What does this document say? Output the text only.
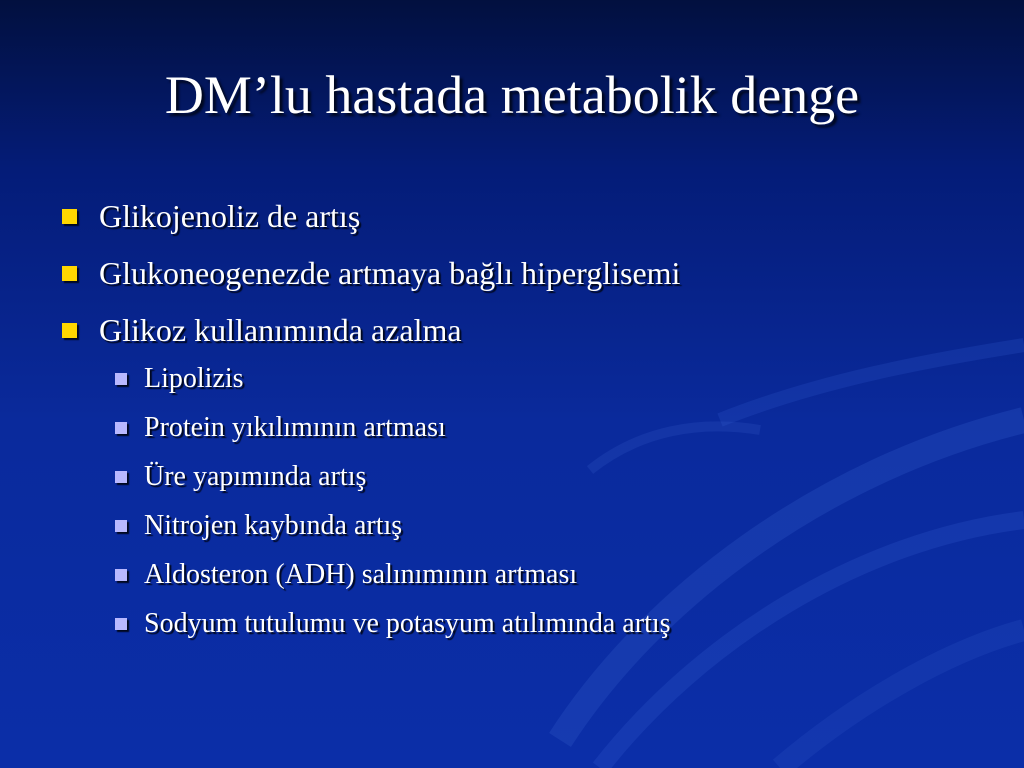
DM’lu hastada metabolik denge
Glikojenoliz de artış
Glukoneogenezde artmaya bağlı hiperglisemi
Glikoz kullanımında azalma
Lipolizis
Protein yıkılımının artması
Üre yapımında artış
Nitrojen kaybında artış
Aldosteron (ADH) salınımının artması
Sodyum tutulumu ve potasyum atılımında artış
